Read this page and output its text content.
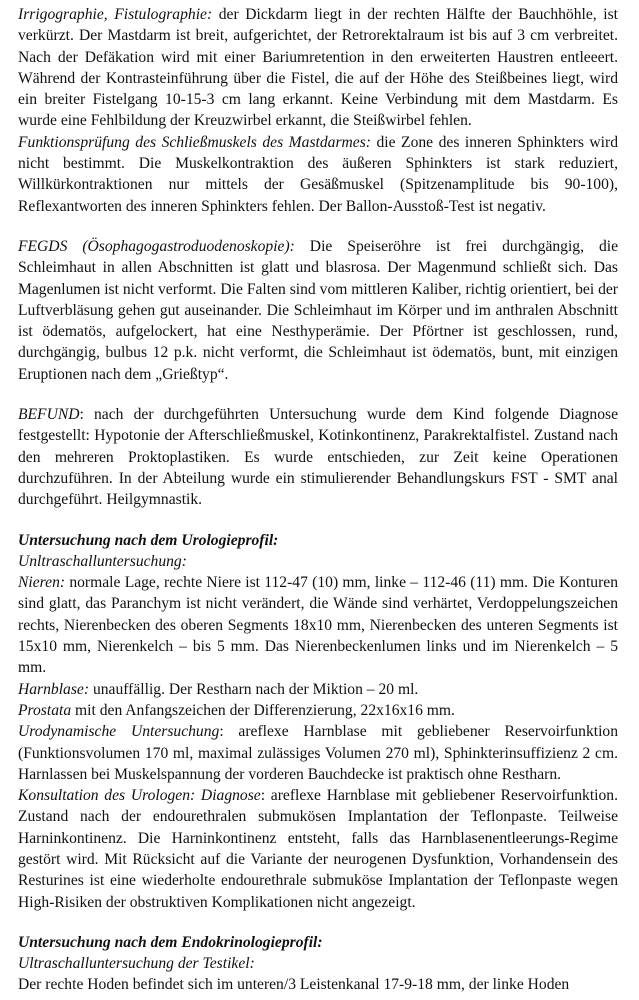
Irrigographie, Fistulographie: der Dickdarm liegt in der rechten Hälfte der Bauchhöhle, ist verkürzt. Der Mastdarm ist breit, aufgerichtet, der Retrorektalraum ist bis auf 3 cm verbreitet. Nach der Defäkation wird mit einer Bariumretention in den erweiterten Haustren entleeert. Während der Kontrasteinführung über die Fistel, die auf der Höhe des Steißbeines liegt, wird ein breiter Fistelgang 10-15-3 cm lang erkannt. Keine Verbindung mit dem Mastdarm. Es wurde eine Fehlbildung der Kreuzwirbel erkannt, die Steißwirbel fehlen.

Funktionsprüfung des Schließmuskels des Mastdarmes: die Zone des inneren Sphinkters wird nicht bestimmt. Die Muskelkontraktion des äußeren Sphinkters ist stark reduziert, Willkürkontraktionen nur mittels der Gesäßmuskel (Spitzenamplitude bis 90-100), Reflexantworten des inneren Sphinkters fehlen. Der Ballon-Ausstoß-Test ist negativ.

FEGDS (Ösophagogastroduodenoskopie): Die Speiseröhre ist frei durchgängig, die Schleimhaut in allen Abschnitten ist glatt und blasrosa. Der Magenmund schließt sich. Das Magenlumen ist nicht verformt. Die Falten sind vom mittleren Kaliber, richtig orientiert, bei der Luftverbläsung gehen gut auseinander. Die Schleimhaut im Körper und im anthralen Abschnitt ist ödematös, aufgelockert, hat eine Nesthyperämie. Der Pförtner ist geschlossen, rund, durchgängig, bulbus 12 p.k. nicht verformt, die Schleimhaut ist ödematös, bunt, mit einzigen Eruptionen nach dem „Grießtyp“.

BEFUND: nach der durchgeführten Untersuchung wurde dem Kind folgende Diagnose festgestellt: Hypotonie der Afterschließmuskel, Kotinkontinenz, Parakrektalfistel. Zustand nach den mehreren Proktoplastiken. Es wurde entschieden, zur Zeit keine Operationen durchzuführen. In der Abteilung wurde ein stimulierender Behandlungskurs FST - SMT anal durchgeführt. Heilgymnastik.

Untersuchung nach dem Urologieprofil:
Unltraschalluntersuchung:

Nieren: normale Lage, rechte Niere ist 112-47 (10) mm, linke – 112-46 (11) mm. Die Konturen sind glatt, das Paranchym ist nicht verändert, die Wände sind verhärtet, Verdoppelungszeichen rechts, Nierenbecken des oberen Segments 18x10 mm, Nierenbecken des unteren Segments ist 15x10 mm, Nierenkelch – bis 5 mm. Das Nierenbeckenlumen links und im Nierenkelch – 5 mm.

Harnblase: unauffällig. Der Restharn nach der Miktion – 20 ml.

Prostata mit den Anfangszeichen der Differenzierung, 22x16x16 mm.

Urodynamische Untersuchung: areflexe Harnblase mit gebliebener Reservoirfunktion (Funktionsvolumen 170 ml, maximal zulässiges Volumen 270 ml), Sphinkterinsuffizienz 2 cm. Harnlassen bei Muskelspannung der vorderen Bauchdecke ist praktisch ohne Restharn.

Konsultation des Urologen: Diagnose: areflexe Harnblase mit gebliebener Reservoirfunktion. Zustand nach der endourethralen submukösen Implantation der Teflonpaste. Teilweise Harninkontinenz. Die Harninkontinenz entsteht, falls das Harnblasenentleerungs-Regime gestört wird. Mit Rücksicht auf die Variante der neurogenen Dysfunktion, Vorhandensein des Resturines ist eine wiederholte endourethrale submuköse Implantation der Teflonpaste wegen High-Risiken der obstruktiven Komplikationen nicht angezeigt.

Untersuchung nach dem Endokrinologieprofil:
Ultraschalluntersuchung der Testikel:

Der rechte Hoden befindet sich im unteren/3 Leistenkanal 17-9-18 mm, der linke Hoden
